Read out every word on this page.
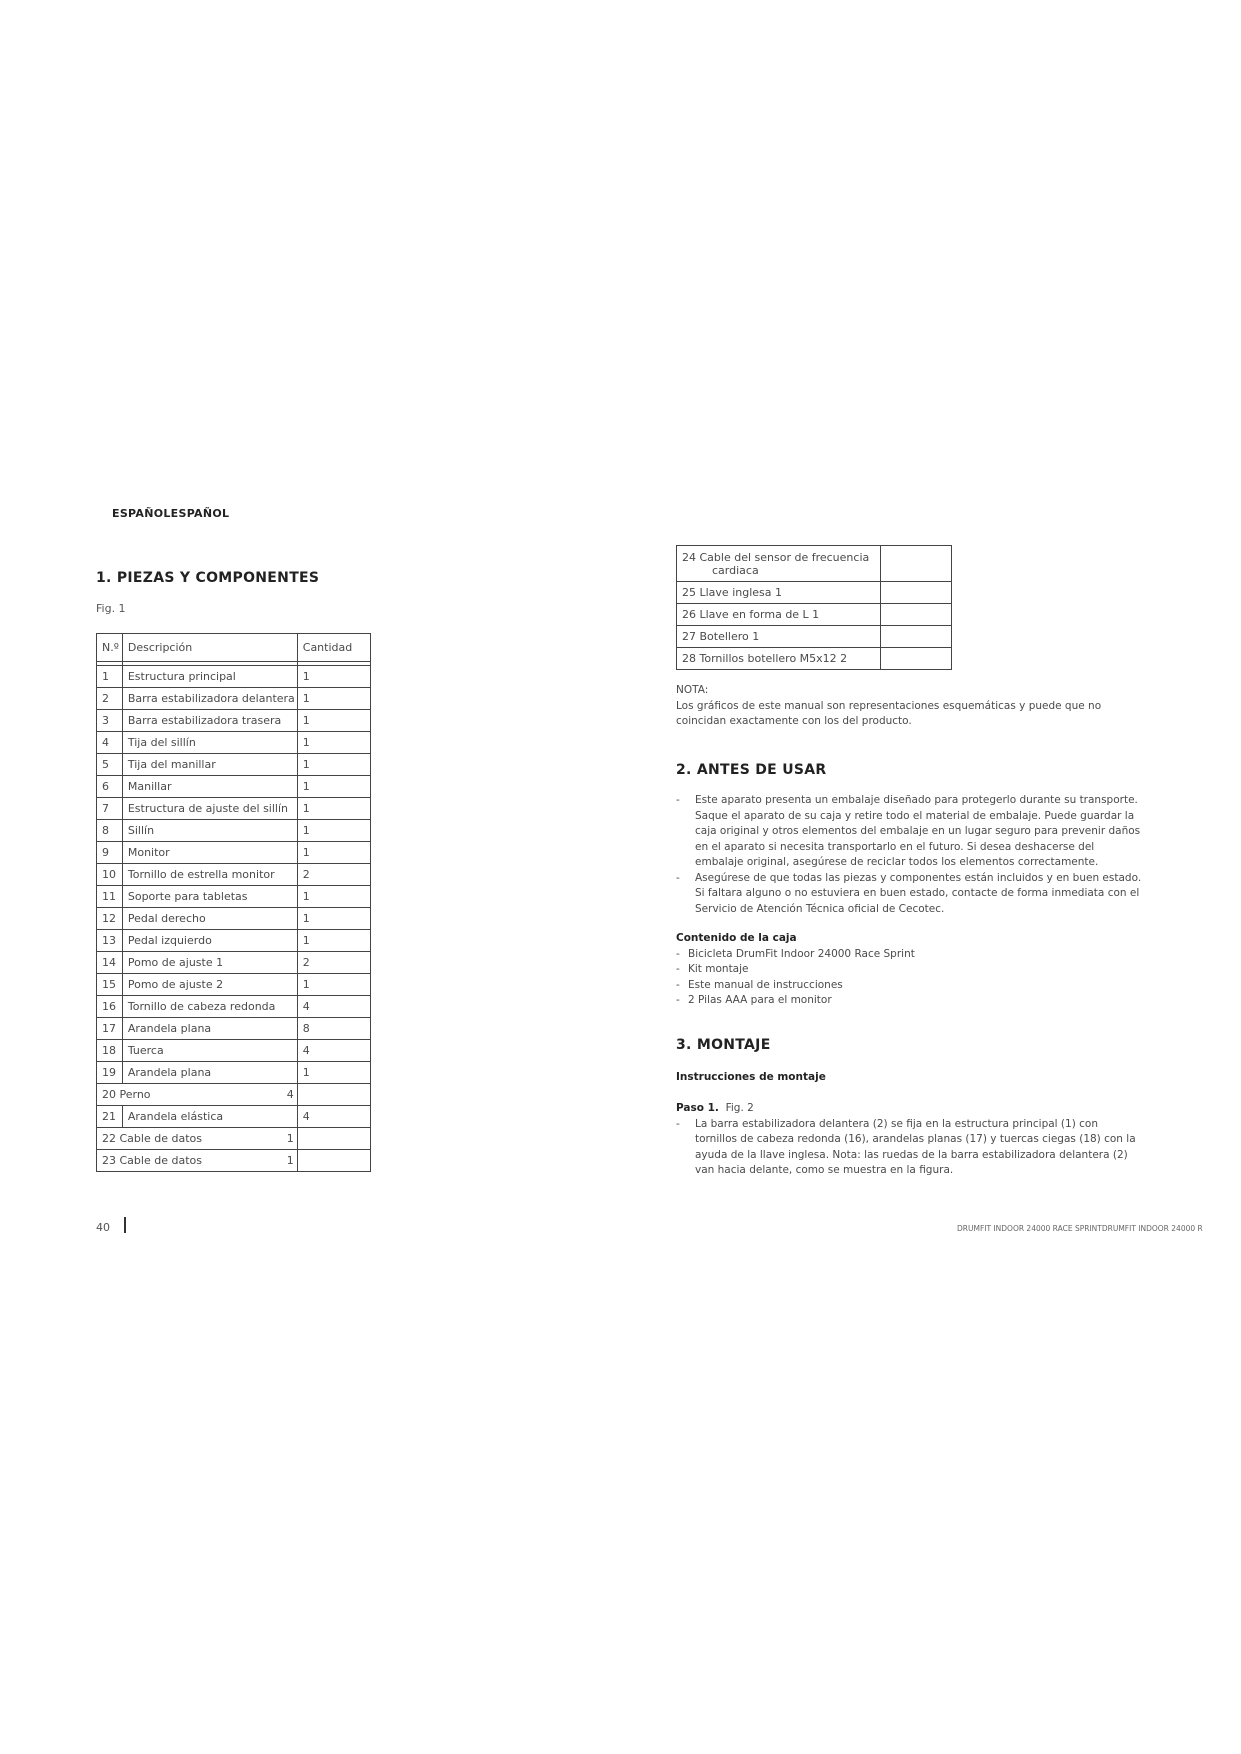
ESPAÑOLESPAÑOL
1. PIEZAS Y COMPONENTES
Fig. 1
N.º	Descripción	Cantidad

1	Estructura principal	1
2	Barra estabilizadora delantera	1
3	Barra estabilizadora trasera	1
4	Tija del sillín	1
5	Tija del manillar	1
6	Manillar	1
7	Estructura de ajuste del sillín	1
8	Sillín	1
9	Monitor	1
10	Tornillo de estrella monitor	2
11	Soporte para tabletas	1
12	Pedal derecho	1
13	Pedal izquierdo	1
14	Pomo de ajuste 1	2
15	Pomo de ajuste 2	1
16	Tornillo de cabeza redonda	4
17	Arandela plana	8
18	Tuerca	4
19	Arandela plana	1
20 Perno 4		

21	Arandela elástica	4
22 Cable de datos 1		

23 Cable de datos 1		

24 Cable del sensor de frecuencia
cardiaca	

25 Llave inglesa 1	

26 Llave en forma de L 1	

27 Botellero 1	

28 Tornillos botellero M5x12 2	

NOTA:
Los gráficos de este manual son representaciones esquemáticas y puede que no coincidan exactamente con los del producto.
2. ANTES DE USAR
- Este aparato presenta un embalaje diseñado para protegerlo durante su transporte. Saque el aparato de su caja y retire todo el material de embalaje. Puede guardar la caja original y otros elementos del embalaje en un lugar seguro para prevenir daños en el aparato si necesita transportarlo en el futuro. Si desea deshacerse del embalaje original, asegúrese de reciclar todos los elementos correctamente.
- Asegúrese de que todas las piezas y componentes están incluidos y en buen estado. Si faltara alguno o no estuviera en buen estado, contacte de forma inmediata con el Servicio de Atención Técnica oficial de Cecotec.
Contenido de la caja
- Bicicleta DrumFit Indoor 24000 Race Sprint
- Kit montaje
- Este manual de instrucciones
- 2 Pilas AAA para el monitor
3. MONTAJE
Instrucciones de montaje
Paso 1. Fig. 2
- La barra estabilizadora delantera (2) se fija en la estructura principal (1) con tornillos de cabeza redonda (16), arandelas planas (17) y tuercas ciegas (18) con la ayuda de la llave inglesa. Nota: las ruedas de la barra estabilizadora delantera (2) van hacia delante, como se muestra en la figura.
40	DRUMFIT INDOOR 24000 RACE SPRINTDRUMFIT INDOOR 24000 R
